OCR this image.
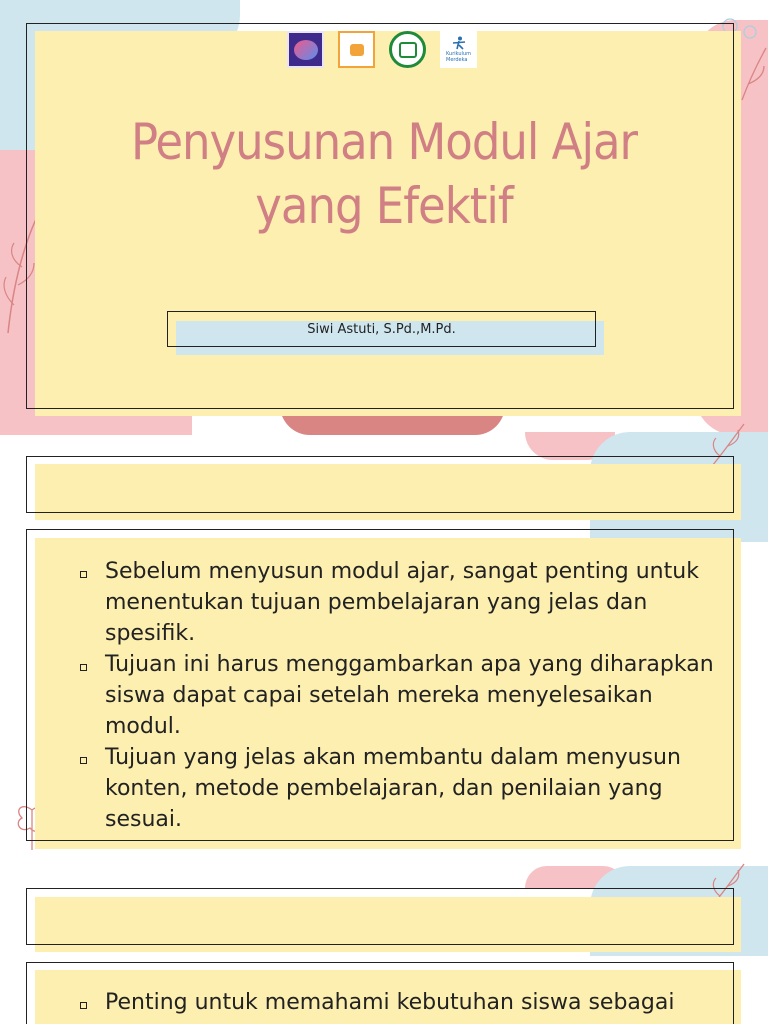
Kurikulum
Merdeka
Penyusunan Modul Ajar
yang Efektif
Siwi Astuti, S.Pd.,M.Pd.
Sebelum menyusun modul ajar, sangat penting untuk menentukan tujuan pembelajaran yang jelas dan spesifik.
Tujuan ini harus menggambarkan apa yang diharapkan siswa dapat capai setelah mereka menyelesaikan modul.
Tujuan yang jelas akan membantu dalam menyusun konten, metode pembelajaran, dan penilaian yang sesuai.
Penting untuk memahami kebutuhan siswa sebagai
